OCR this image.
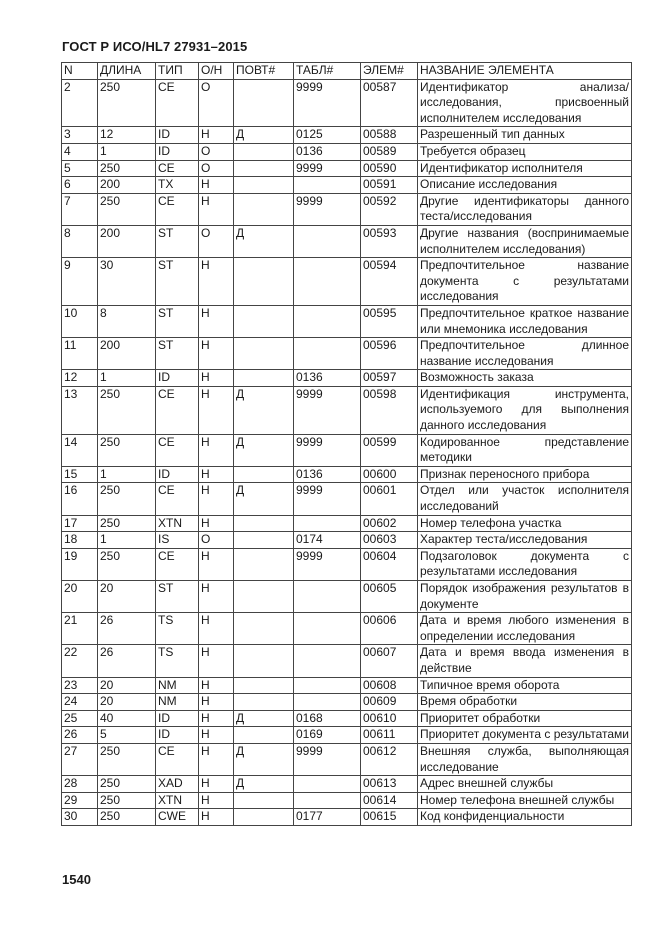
ГОСТ Р ИСО/HL7 27931–2015
N	ДЛИНА	ТИП	О/Н	ПОВТ#	ТАБЛ#	ЭЛЕМ#	НАЗВАНИЕ ЭЛЕМЕНТА
2	250	CE	О		9999	00587	Идентификатор анализа/исследования, присвоенный исполнителем исследования
3	12	ID	Н	Д	0125	00588	Разрешенный тип данных
4	1	ID	О		0136	00589	Требуется образец
5	250	CE	О		9999	00590	Идентификатор исполнителя
6	200	TX	Н			00591	Описание исследования
7	250	CE	Н		9999	00592	Другие идентификаторы данного теста/исследования
8	200	ST	О	Д		00593	Другие названия (воспринимаемые исполнителем исследования)
9	30	ST	Н			00594	Предпочтительное название документа с результатами исследования
10	8	ST	Н			00595	Предпочтительное краткое название или мнемоника исследования
11	200	ST	Н			00596	Предпочтительное длинное название исследования
12	1	ID	Н		0136	00597	Возможность заказа
13	250	CE	Н	Д	9999	00598	Идентификация инструмента, используемого для выполнения данного исследования
14	250	CE	Н	Д	9999	00599	Кодированное представление методики
15	1	ID	Н		0136	00600	Признак переносного прибора
16	250	CE	Н	Д	9999	00601	Отдел или участок исполнителя исследований
17	250	XTN	Н			00602	Номер телефона участка
18	1	IS	О		0174	00603	Характер теста/исследования
19	250	CE	Н		9999	00604	Подзаголовок документа с результатами исследования
20	20	ST	Н			00605	Порядок изображения результатов в документе
21	26	TS	Н			00606	Дата и время любого изменения в определении исследования
22	26	TS	Н			00607	Дата и время ввода изменения в действие
23	20	NM	Н			00608	Типичное время оборота
24	20	NM	Н			00609	Время обработки
25	40	ID	Н	Д	0168	00610	Приоритет обработки
26	5	ID	Н		0169	00611	Приоритет документа с результатами
27	250	CE	Н	Д	9999	00612	Внешняя служба, выполняющая исследование
28	250	XAD	Н	Д		00613	Адрес внешней службы
29	250	XTN	Н			00614	Номер телефона внешней службы
30	250	CWE	Н		0177	00615	Код конфиденциальности
1540
